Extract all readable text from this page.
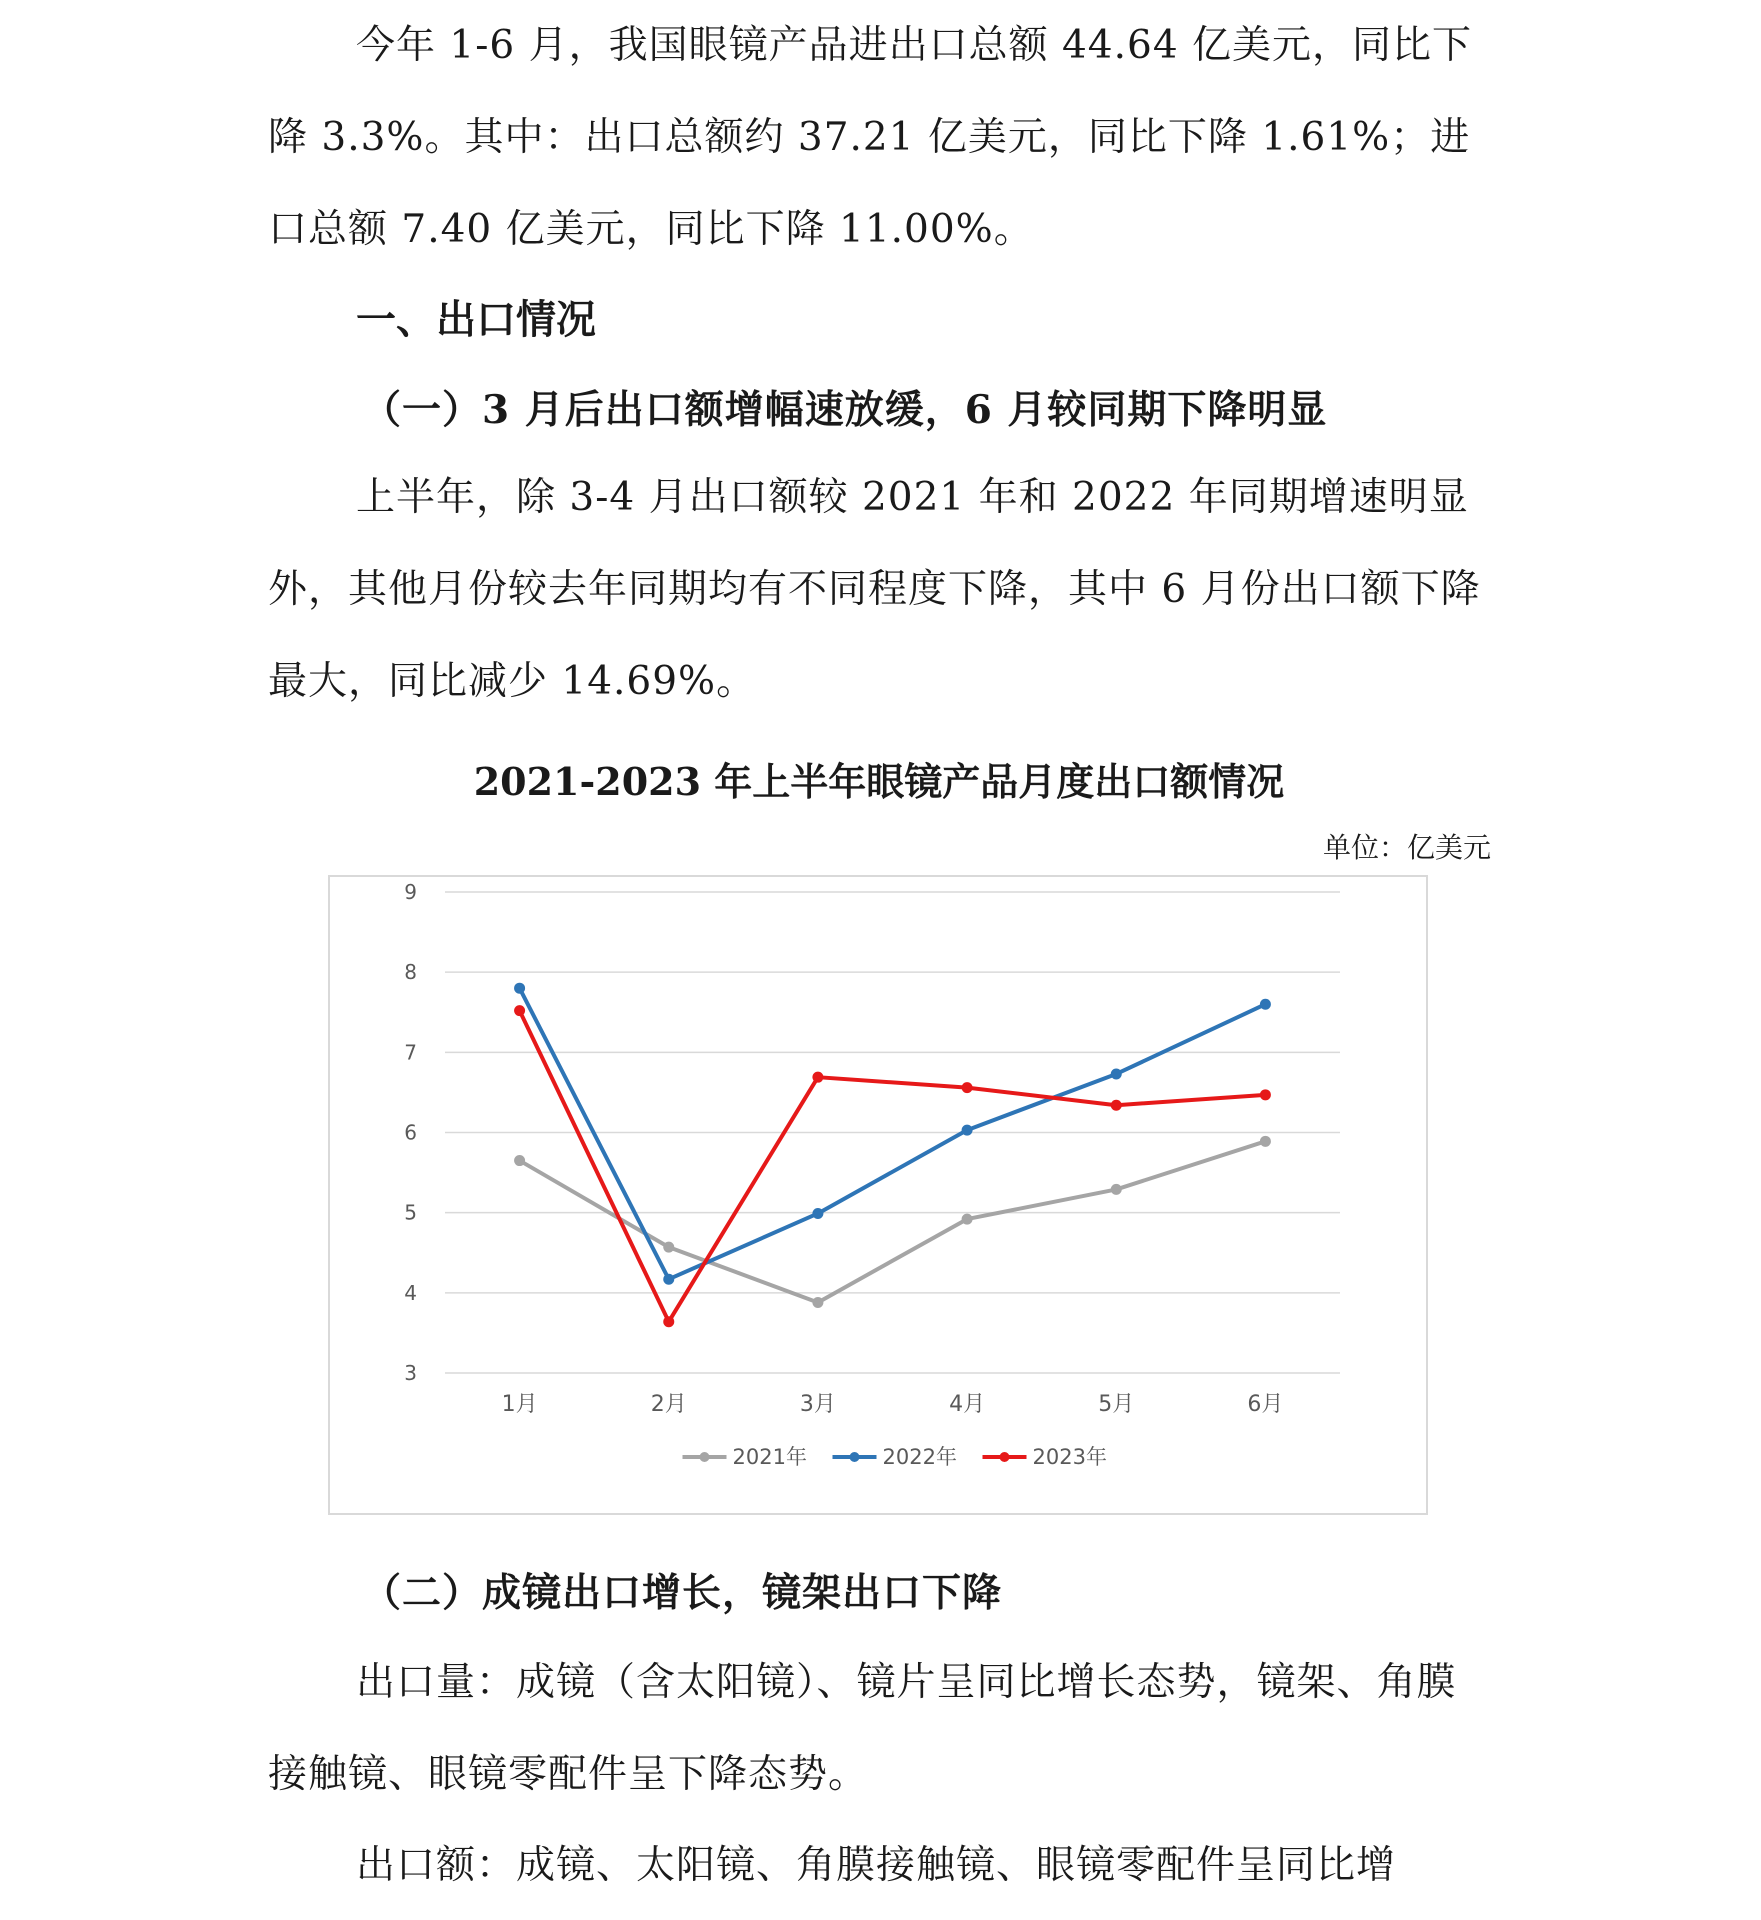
今年 1-6 月，我国眼镜产品进出口总额 44.64 亿美元，同比下降 3.3%。其中：出口总额约 37.21 亿美元，同比下降 1.61%；进口总额 7.40 亿美元，同比下降 11.00%。

一、出口情况
（一）3 月后出口额增幅速放缓，6 月较同期下降明显

上半年，除 3-4 月出口额较 2021 年和 2022 年同期增速明显外，其他月份较去年同期均有不同程度下降，其中 6 月份出口额下降最大，同比减少 14.69%。

2021-2023 年上半年眼镜产品月度出口额情况
单位：亿美元
3
4
5
6
7
8
9
1月	2月	3月	4月	5月	6月
2021年	2022年	2023年
（二）成镜出口增长，镜架出口下降

出口量：成镜（含太阳镜）、镜片呈同比增长态势，镜架、角膜接触镜、眼镜零配件呈下降态势。

出口额：成镜、太阳镜、角膜接触镜、眼镜零配件呈同比增
